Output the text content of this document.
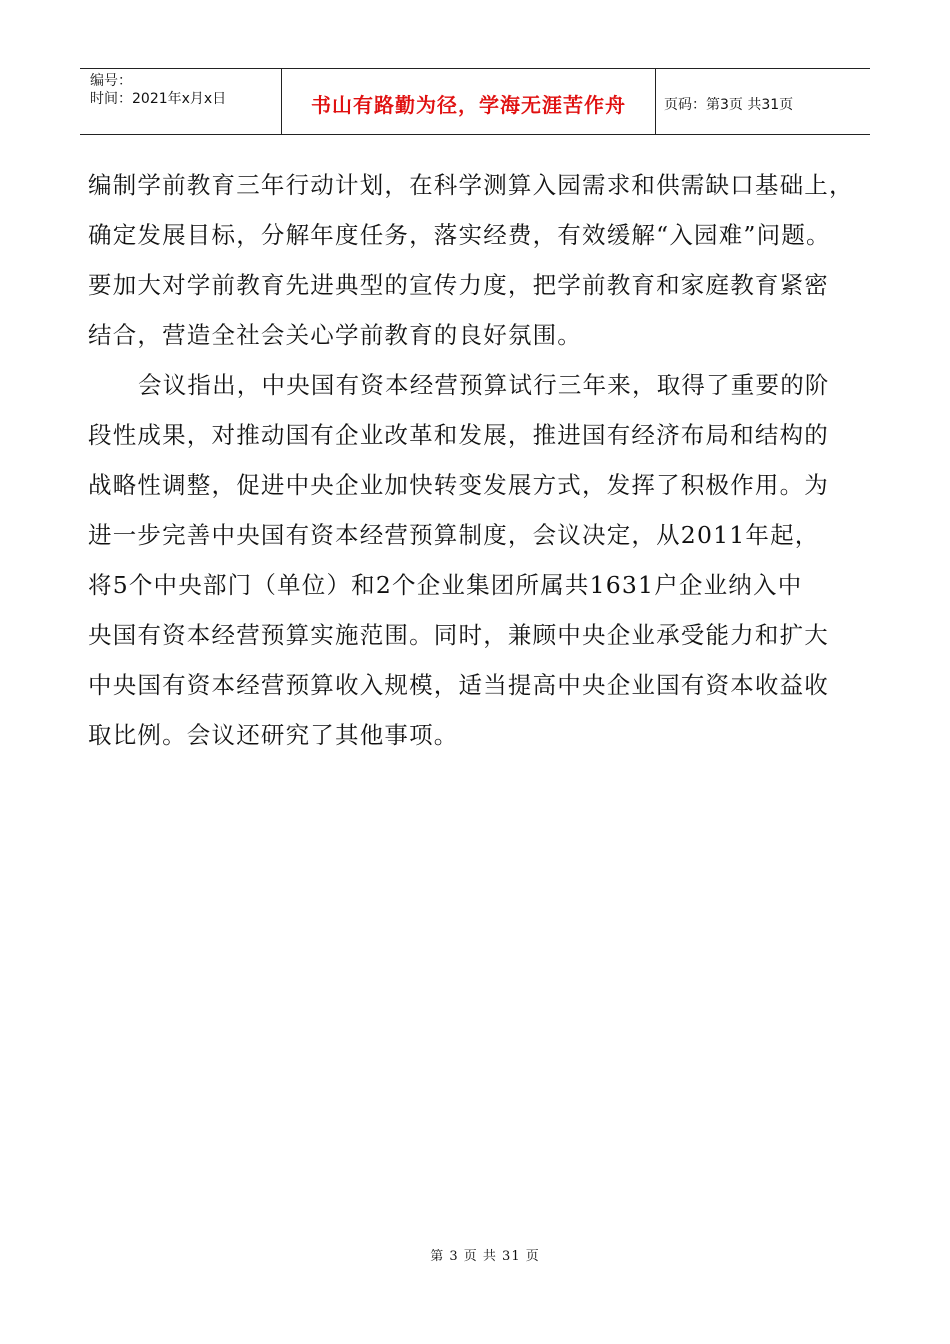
编号：
时间：2021年x月x日	书山有路勤为径，学海无涯苦作舟	页码：第3页 共31页
编制学前教育三年行动计划，在科学测算入园需求和供需缺口基础上，
确定发展目标，分解年度任务，落实经费，有效缓解“入园难”问题。
要加大对学前教育先进典型的宣传力度，把学前教育和家庭教育紧密
结合，营造全社会关心学前教育的良好氛围。
会议指出，中央国有资本经营预算试行三年来，取得了重要的阶
段性成果，对推动国有企业改革和发展，推进国有经济布局和结构的
战略性调整，促进中央企业加快转变发展方式，发挥了积极作用。为
进一步完善中央国有资本经营预算制度，会议决定，从2011年起，
将5个中央部门（单位）和2个企业集团所属共1631户企业纳入中
央国有资本经营预算实施范围。同时，兼顾中央企业承受能力和扩大
中央国有资本经营预算收入规模，适当提高中央企业国有资本收益收
取比例。会议还研究了其他事项。
第 3 页 共 31 页
